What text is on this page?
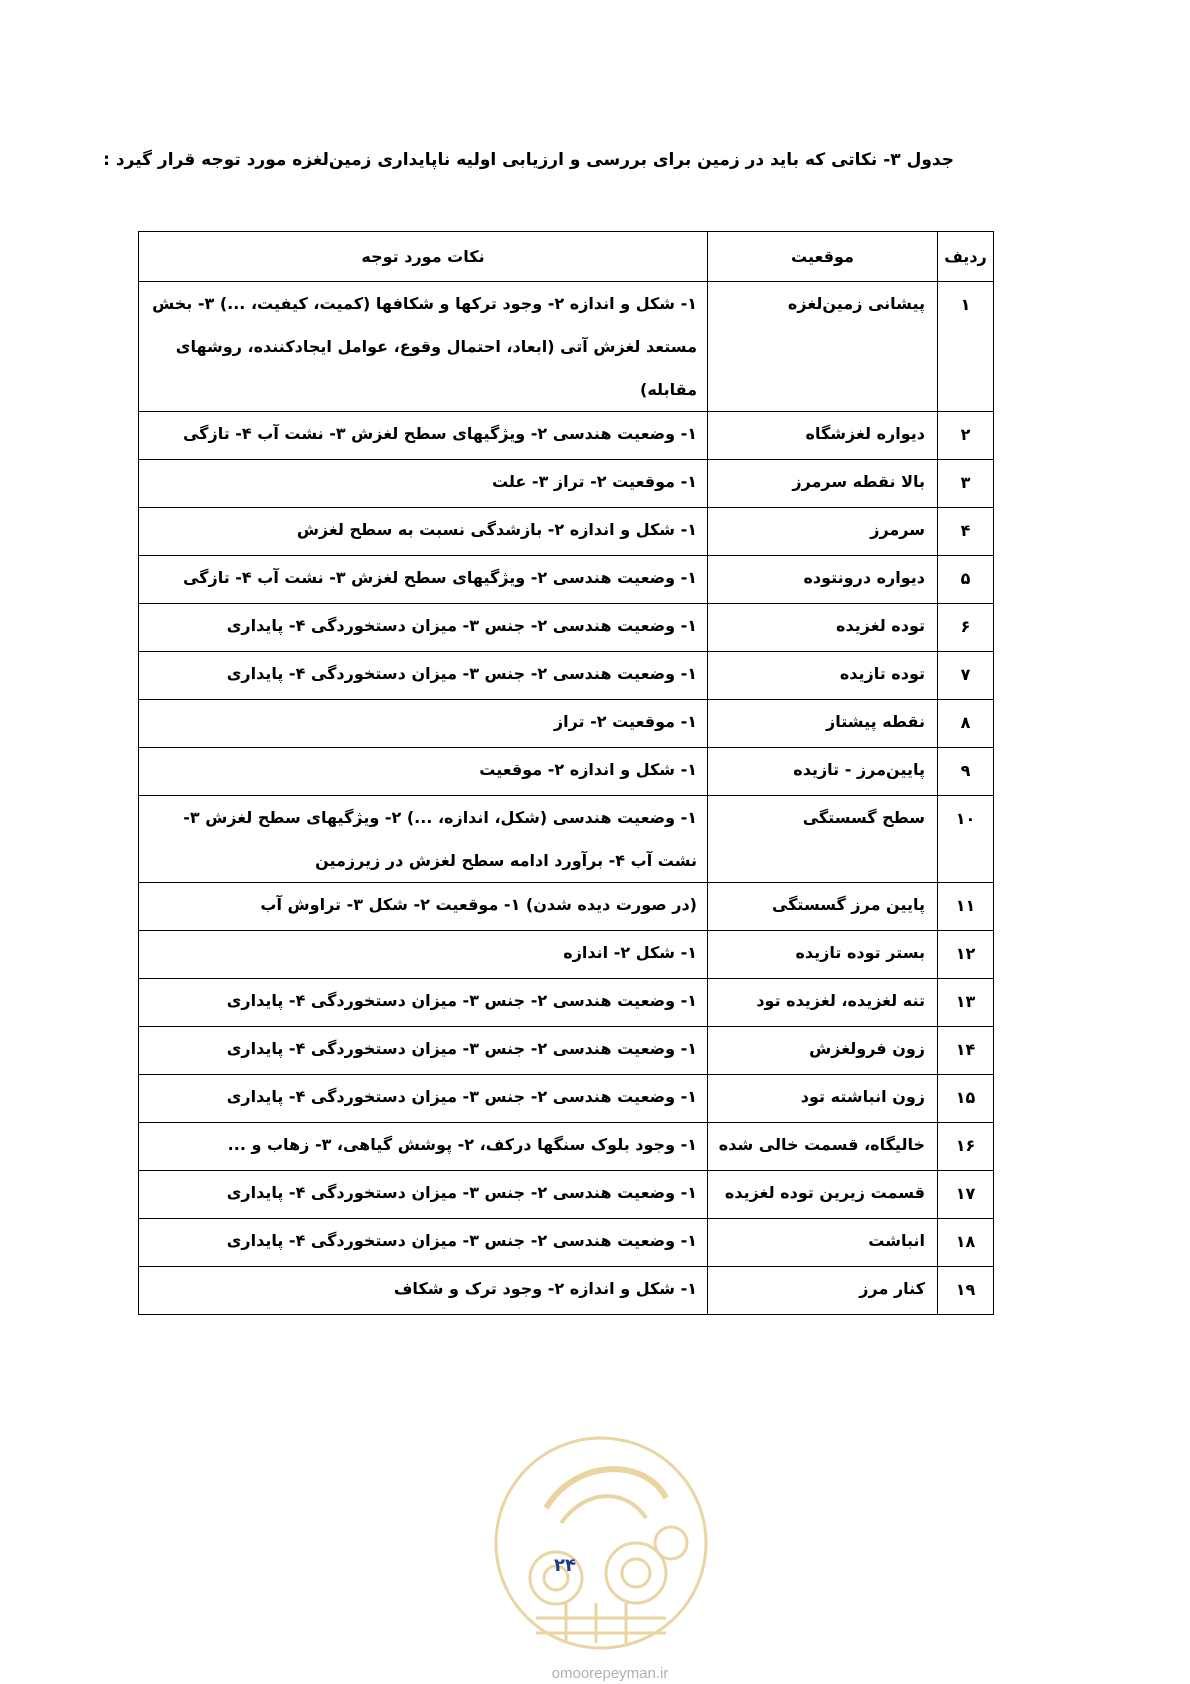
جدول ۳- نکاتی که باید در زمین برای بررسی و ارزیابی اولیه ناپایداری زمین‌لغزه مورد توجه قرار گیرد :
ردیف	موقعیت	نکات مورد توجه
۱	پیشانی زمین‌لغزه	۱- شکل و اندازه ۲- وجود ترکها و شکافها (کمیت، کیفیت، ...) ۳- بخش مستعد لغزش آتی (ابعاد، احتمال وقوع، عوامل ایجادکننده، روشهای مقابله)
۲	دیواره لغزشگاه	۱- وضعیت هندسی ۲- ویژگیهای سطح لغزش ۳- نشت آب ۴- تازگی
۳	بالا نقطه سرمرز	۱- موقعیت ۲- تراز ۳- علت
۴	سرمرز	۱- شکل و اندازه ۲- بازشدگی نسبت به سطح لغزش
۵	دیواره درونتوده	۱- وضعیت هندسی ۲- ویژگیهای سطح لغزش ۳- نشت آب ۴- تازگی
۶	توده لغزیده	۱- وضعیت هندسی ۲- جنس ۳- میزان دستخوردگی ۴- پایداری
۷	توده تازیده	۱- وضعیت هندسی ۲- جنس ۳- میزان دستخوردگی ۴- پایداری
۸	نقطه پیشتاز	۱- موقعیت ۲- تراز
۹	پایین‌مرز - تازیده	۱- شکل و اندازه ۲- موقعیت
۱۰	سطح گسستگی	۱- وضعیت هندسی (شکل، اندازه، ...) ۲- ویژگیهای سطح لغزش ۳- نشت آب ۴- برآورد ادامه سطح لغزش در زیرزمین
۱۱	پایین مرز گسستگی	(در صورت دیده شدن) ۱- موقعیت ۲- شکل ۳- تراوش آب
۱۲	بستر توده تازیده	۱- شکل ۲- اندازه
۱۳	تنه لغزیده، لغزیده تود	۱- وضعیت هندسی ۲- جنس ۳- میزان دستخوردگی ۴- پایداری
۱۴	زون فرولغزش	۱- وضعیت هندسی ۲- جنس ۳- میزان دستخوردگی ۴- پایداری
۱۵	زون انباشته تود	۱- وضعیت هندسی ۲- جنس ۳- میزان دستخوردگی ۴- پایداری
۱۶	خالیگاه، قسمت خالی شده	۱- وجود بلوک سنگها درکف، ۲- پوشش گیاهی، ۳- زهاب و ...
۱۷	قسمت زیرین توده لغزیده	۱- وضعیت هندسی ۲- جنس ۳- میزان دستخوردگی ۴- پایداری
۱۸	انباشت	۱- وضعیت هندسی ۲- جنس ۳- میزان دستخوردگی ۴- پایداری
۱۹	کنار مرز	۱- شکل و اندازه ۲- وجود ترک و شکاف
۲۴
omoorepeyman.ir
